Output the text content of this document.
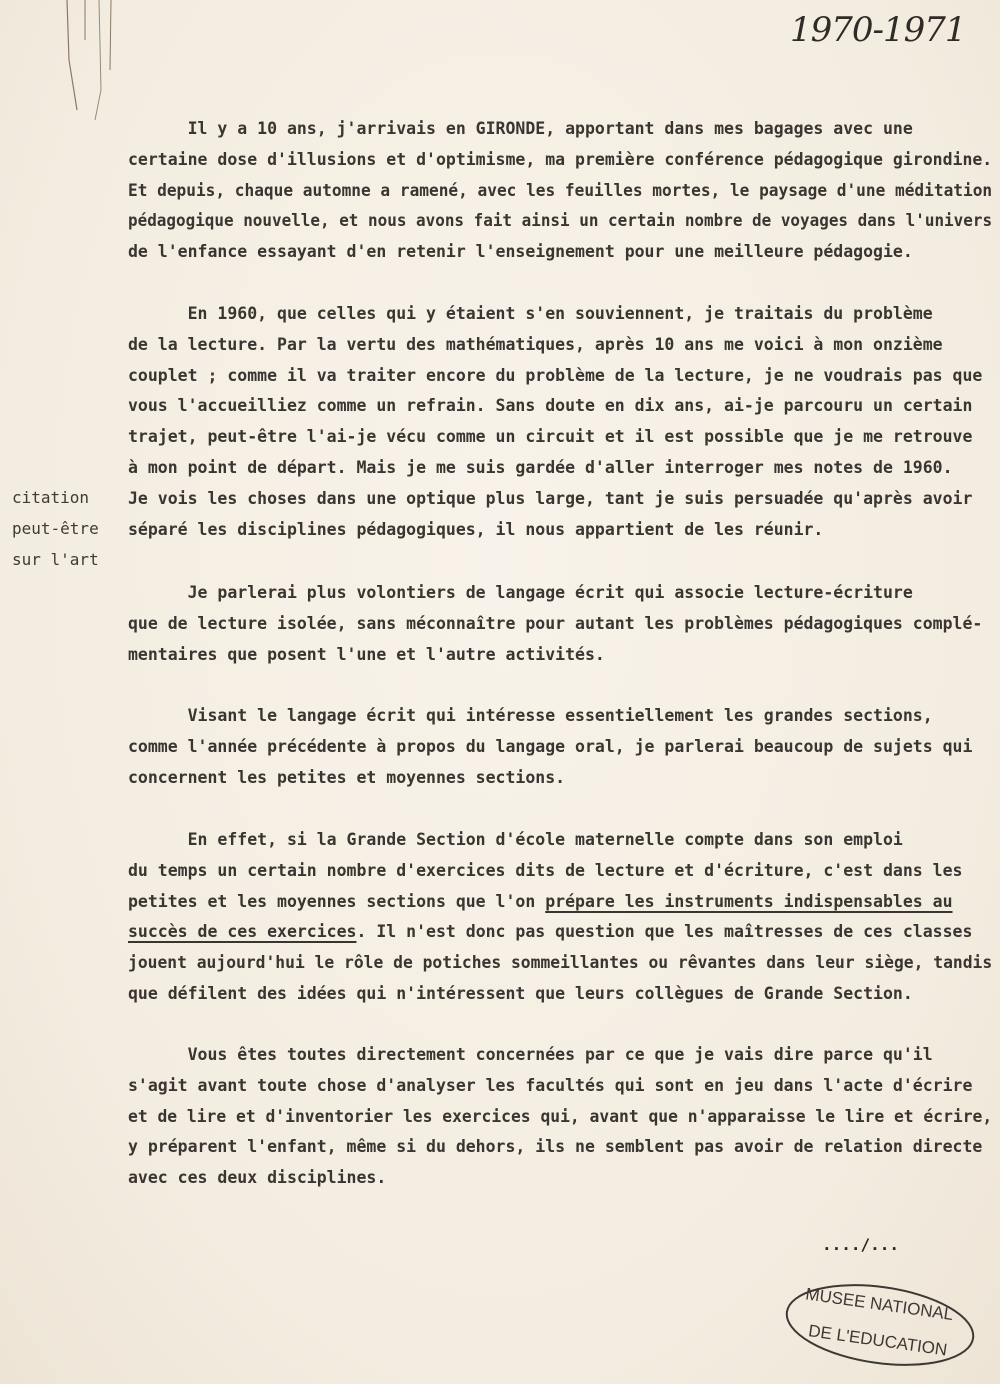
1970-1971
Il y a 10 ans, j'arrivais en GIRONDE, apportant dans mes bagages avec une
certaine dose d'illusions et d'optimisme, ma première conférence pédagogique girondine.
Et depuis, chaque automne a ramené, avec les feuilles mortes, le paysage d'une méditation
pédagogique nouvelle, et nous avons fait ainsi un certain nombre de voyages dans l'univers
de l'enfance essayant d'en retenir l'enseignement pour une meilleure pédagogie.
En 1960, que celles qui y étaient s'en souviennent, je traitais du problème
de la lecture. Par la vertu des mathématiques, après 10 ans me voici à mon onzième
couplet ; comme il va traiter encore du problème de la lecture, je ne voudrais pas que
vous l'accueilliez comme un refrain. Sans doute en dix ans, ai-je parcouru un certain
trajet, peut-être l'ai-je vécu comme un circuit et il est possible que je me retrouve
à mon point de départ. Mais je me suis gardée d'aller interroger mes notes de 1960.
Je vois les choses dans une optique plus large, tant je suis persuadée qu'après avoir
séparé les disciplines pédagogiques, il nous appartient de les réunir.
Je parlerai plus volontiers de langage écrit qui associe lecture-écriture
que de lecture isolée, sans méconnaître pour autant les problèmes pédagogiques complé-
mentaires que posent l'une et l'autre activités.
Visant le langage écrit qui intéresse essentiellement les grandes sections,
comme l'année précédente à propos du langage oral, je parlerai beaucoup de sujets qui
concernent les petites et moyennes sections.
En effet, si la Grande Section d'école maternelle compte dans son emploi
du temps un certain nombre d'exercices dits de lecture et d'écriture, c'est dans les
petites et les moyennes sections que l'on prépare les instruments indispensables au
succès de ces exercices. Il n'est donc pas question que les maîtresses de ces classes
jouent aujourd'hui le rôle de potiches sommeillantes ou rêvantes dans leur siège, tandis
que défilent des idées qui n'intéressent que leurs collègues de Grande Section.
Vous êtes toutes directement concernées par ce que je vais dire parce qu'il
s'agit avant toute chose d'analyser les facultés qui sont en jeu dans l'acte d'écrire
et de lire et d'inventorier les exercices qui, avant que n'apparaisse le lire et écrire,
y préparent l'enfant, même si du dehors, ils ne semblent pas avoir de relation directe
avec ces deux disciplines.
citation
peut-être
sur l'art
..../...
MUSEE NATIONAL
DE L'EDUCATION
